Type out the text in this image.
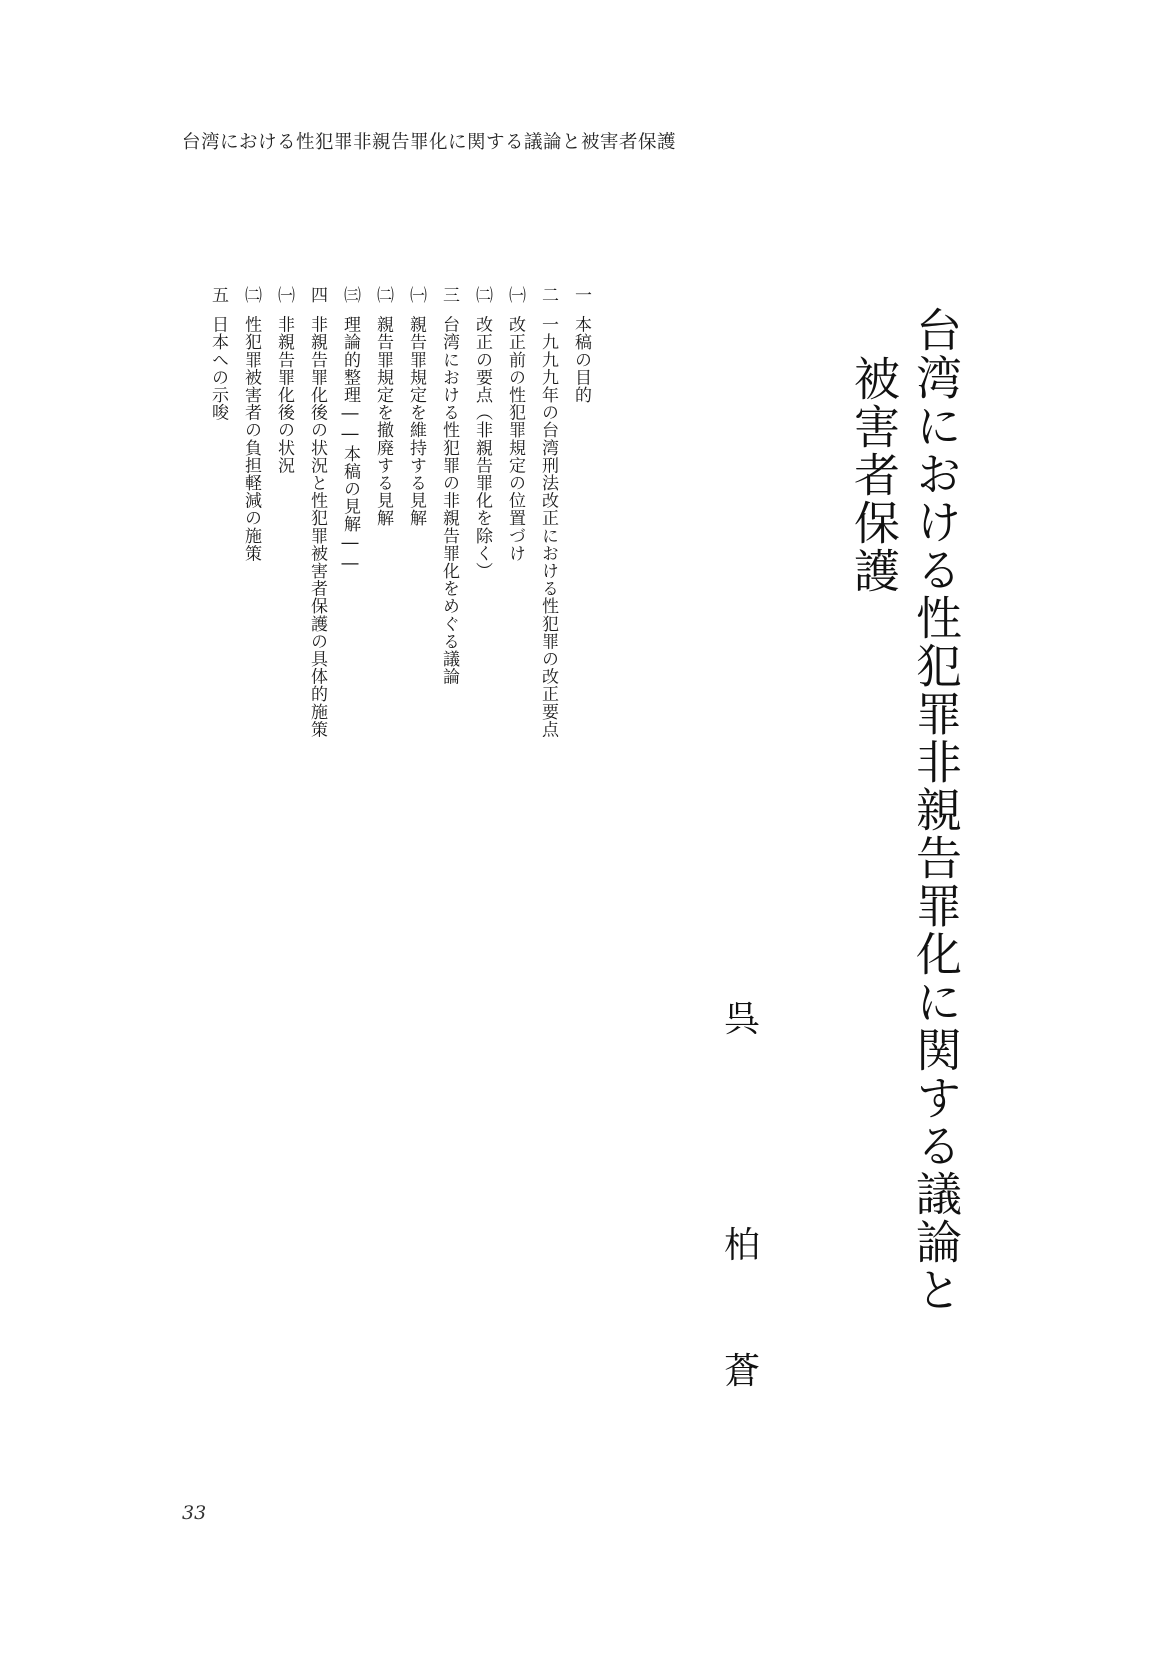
台湾における性犯罪非親告罪化に関する議論と被害者保護
台湾における性犯罪非親告罪化に関する議論と
被害者保護
呉
柏
蒼
一本稿の目的
二一九九九年の台湾刑法改正における性犯罪の改正要点
㈠改正前の性犯罪規定の位置づけ
㈡改正の要点（非親告罪化を除く）
三台湾における性犯罪の非親告罪化をめぐる議論
㈠親告罪規定を維持する見解
㈡親告罪規定を撤廃する見解
㈢理論的整理――本稿の見解――
四非親告罪化後の状況と性犯罪被害者保護の具体的施策
㈠非親告罪化後の状況
㈡性犯罪被害者の負担軽減の施策
五日本への示唆
33
